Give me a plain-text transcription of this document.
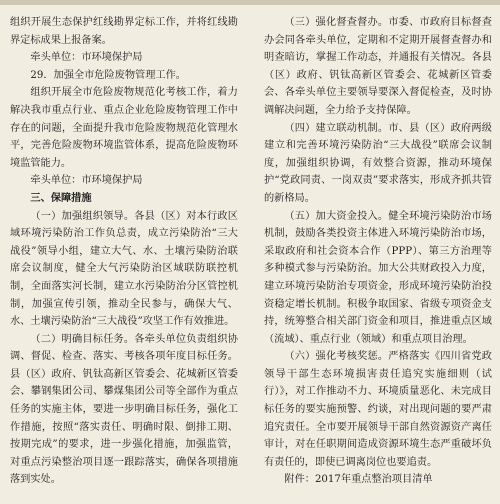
组织开展生态保护红线勘界定标工作，并将红线勘界定标成果上报备案。

牵头单位：市环境保护局

29．加强全市危险废物管理工作。

组织开展全市危险废物规范化考核工作，着力解决我市重点行业、重点企业危险废物管理工作中存在的问题，全面提升我市危险废物规范化管理水平，完善危险废物环境监管体系，提高危险废物环境监管能力。

牵头单位：市环境保护局

三、保障措施

（一）加强组织领导。各县（区）对本行政区域环境污染防治工作负总责，成立污染防治“三大战役”领导小组，建立大气、水、土壤污染防治联席会议制度，健全大气污染防治区域联防联控机制，全面落实河长制，建立水污染防治分区管控机制，加强宣传引领，推动全民参与，确保大气、水、土壤污染防治“三大战役”攻坚工作有效推进。

（二）明确目标任务。各牵头单位负责组织协调、督促、检查、落实、考核各项年度目标任务。县（区）政府、钒钛高新区管委会、花城新区管委会、攀钢集团公司、攀煤集团公司等全部作为重点任务的实施主体，要进一步明确目标任务，强化工作措施，按照“落实责任、明确时限、倒排工期、按期完成”的要求，进一步强化措施，加强监管，对重点污染整治项目逐一跟踪落实，确保各项措施落到实处。

（三）强化督查督办。市委、市政府目标督查办会同各牵头单位，定期和不定期开展督查督办和明查暗访，掌握工作动态，并通报有关情况。各县（区）政府、钒钛高新区管委会、花城新区管委会、各牵头单位主要领导要深入督促检查，及时协调解决问题，全力给予支持保障。

（四）建立联动机制。市、县（区）政府两级建立和完善环境污染防治“三大战役”联席会议制度，加强组织协调，有效整合资源，推动环境保护“党政同责、一岗双责”要求落实，形成齐抓共管的新格局。

（五）加大资金投入。健全环境污染防治市场机制，鼓励各类投资主体进入环境污染防治市场，采取政府和社会资本合作（PPP）、第三方治理等多种模式参与污染防治。加大公共财政投入力度，建立环境污染防治专项资金，形成环境污染防治投资稳定增长机制。积极争取国家、省级专项资金支持，统筹整合相关部门资金和项目，推进重点区域（流域）、重点行业（领域）和重点项目治理。

（六）强化考核奖惩。严格落实《四川省党政领导干部生态环境损害责任追究实施细则（试行）》，对工作推动不力、环境质量恶化、未完成目标任务的要实施预警、约谈，对出现问题的要严肃追究责任。全市要开展领导干部自然资源资产离任审计，对在任职期间造成资源环境生态严重破坏负有责任的，即使已调离岗位也要追责。

附件：2017年重点整治项目清单
